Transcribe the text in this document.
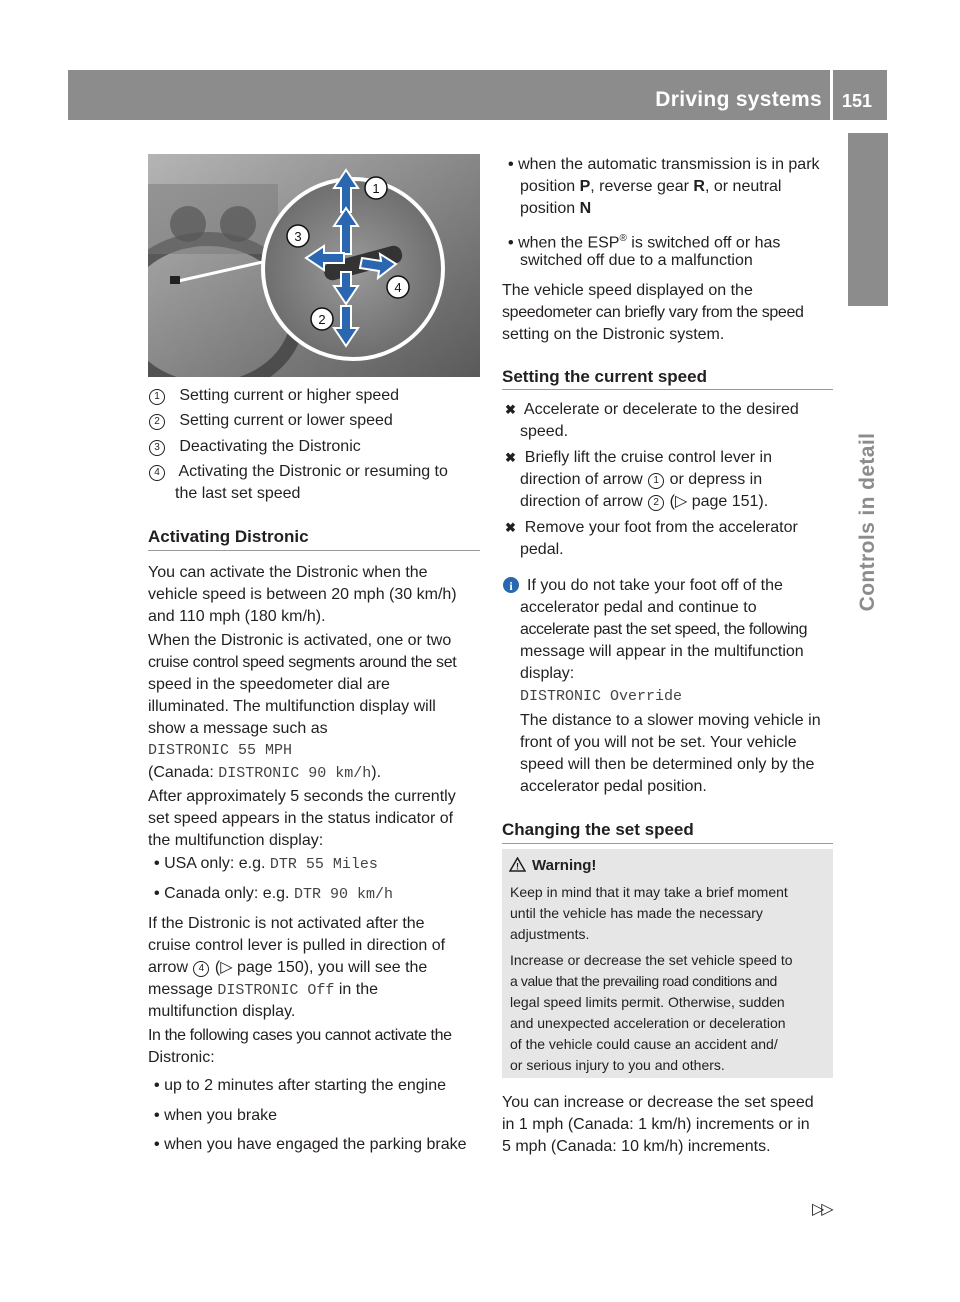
Driving systems 151
Controls in detail
1
2
3
4
1 Setting current or higher speed
2 Setting current or lower speed
3 Deactivating the Distronic
4 Activating the Distronic or resuming to
the last set speed
Activating Distronic
You can activate the Distronic when the
vehicle speed is between 20 mph (30 km/h)
and 110 mph (180 km/h).
When the Distronic is activated, one or two
cruise control speed segments around the set
speed in the speedometer dial are
illuminated. The multifunction display will
show a message such as
DISTRONIC 55 MPH
(Canada: DISTRONIC 90 km/h).
After approximately 5 seconds the currently
set speed appears in the status indicator of
the multifunction display:
• USA only: e.g. DTR 55 Miles
• Canada only: e.g. DTR 90 km/h
If the Distronic is not activated after the
cruise control lever is pulled in direction of
arrow 4 (▷ page 150), you will see the
message DISTRONIC Off in the
multifunction display.
In the following cases you cannot activate the
Distronic:
• up to 2 minutes after starting the engine
• when you brake
• when you have engaged the parking brake
• when the automatic transmission is in park
position P, reverse gear R, or neutral
position N
• when the ESP® is switched off or has
switched off due to a malfunction
The vehicle speed displayed on the
speedometer can briefly vary from the speed
setting on the Distronic system.
Setting the current speed
✖ Accelerate or decelerate to the desired
speed.
✖ Briefly lift the cruise control lever in
direction of arrow 1 or depress in
direction of arrow 2 (▷ page 151).
✖ Remove your foot from the accelerator
pedal.
i If you do not take your foot off of the
accelerator pedal and continue to
accelerate past the set speed, the following
message will appear in the multifunction
display:
DISTRONIC Override
The distance to a slower moving vehicle in
front of you will not be set. Your vehicle
speed will then be determined only by the
accelerator pedal position.
Changing the set speed
! Warning!
Keep in mind that it may take a brief moment
until the vehicle has made the necessary
adjustments.
Increase or decrease the set vehicle speed to
a value that the prevailing road conditions and
legal speed limits permit. Otherwise, sudden
and unexpected acceleration or deceleration
of the vehicle could cause an accident and/
or serious injury to you and others.
You can increase or decrease the set speed
in 1 mph (Canada: 1 km/h) increments or in
5 mph (Canada: 10 km/h) increments.
▷▷
